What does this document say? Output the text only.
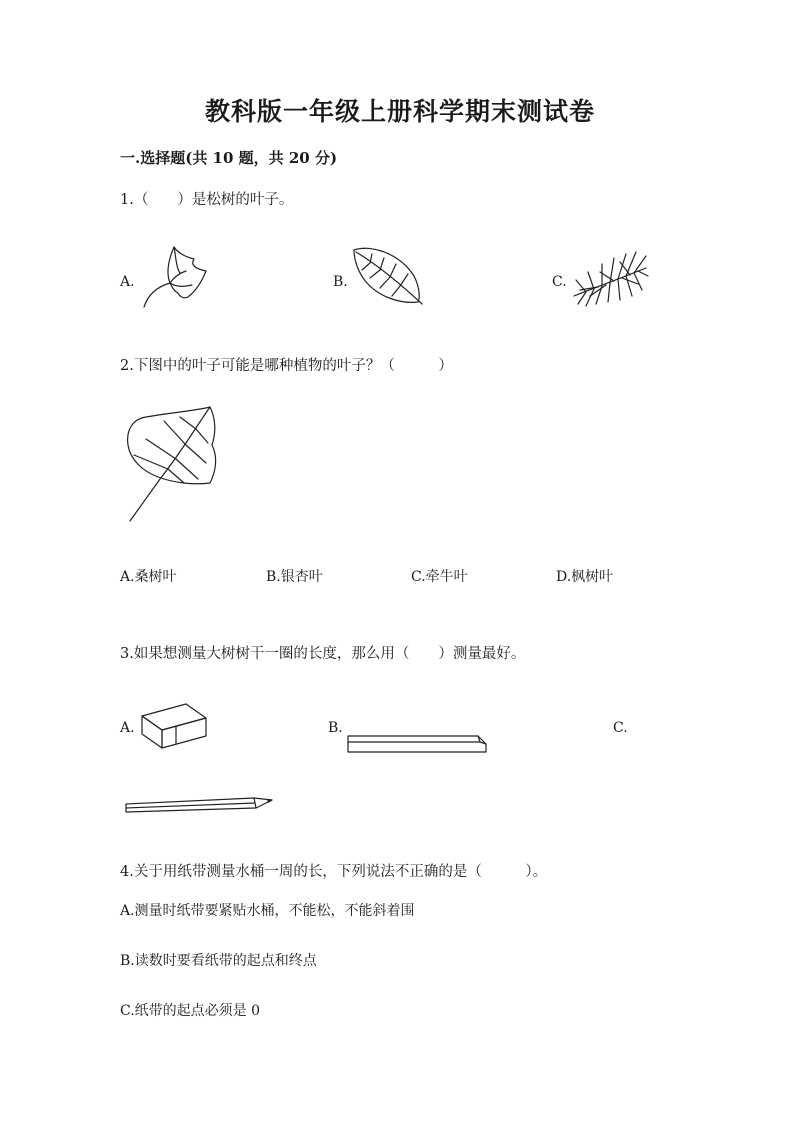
教科版一年级上册科学期末测试卷
一.选择题(共 10 题，共 20 分)
1.（　　）是松树的叶子。
A.	B.	C.
2.下图中的叶子可能是哪种植物的叶子？（　　　）
A.桑树叶	B.银杏叶	C.牵牛叶	D.枫树叶
3.如果想测量大树树干一圈的长度，那么用（　　）测量最好。
A.	B.	C.
4.关于用纸带测量水桶一周的长，下列说法不正确的是（　　　）。
A.测量时纸带要紧贴水桶，不能松，不能斜着围
B.读数时要看纸带的起点和终点
C.纸带的起点必须是 0
